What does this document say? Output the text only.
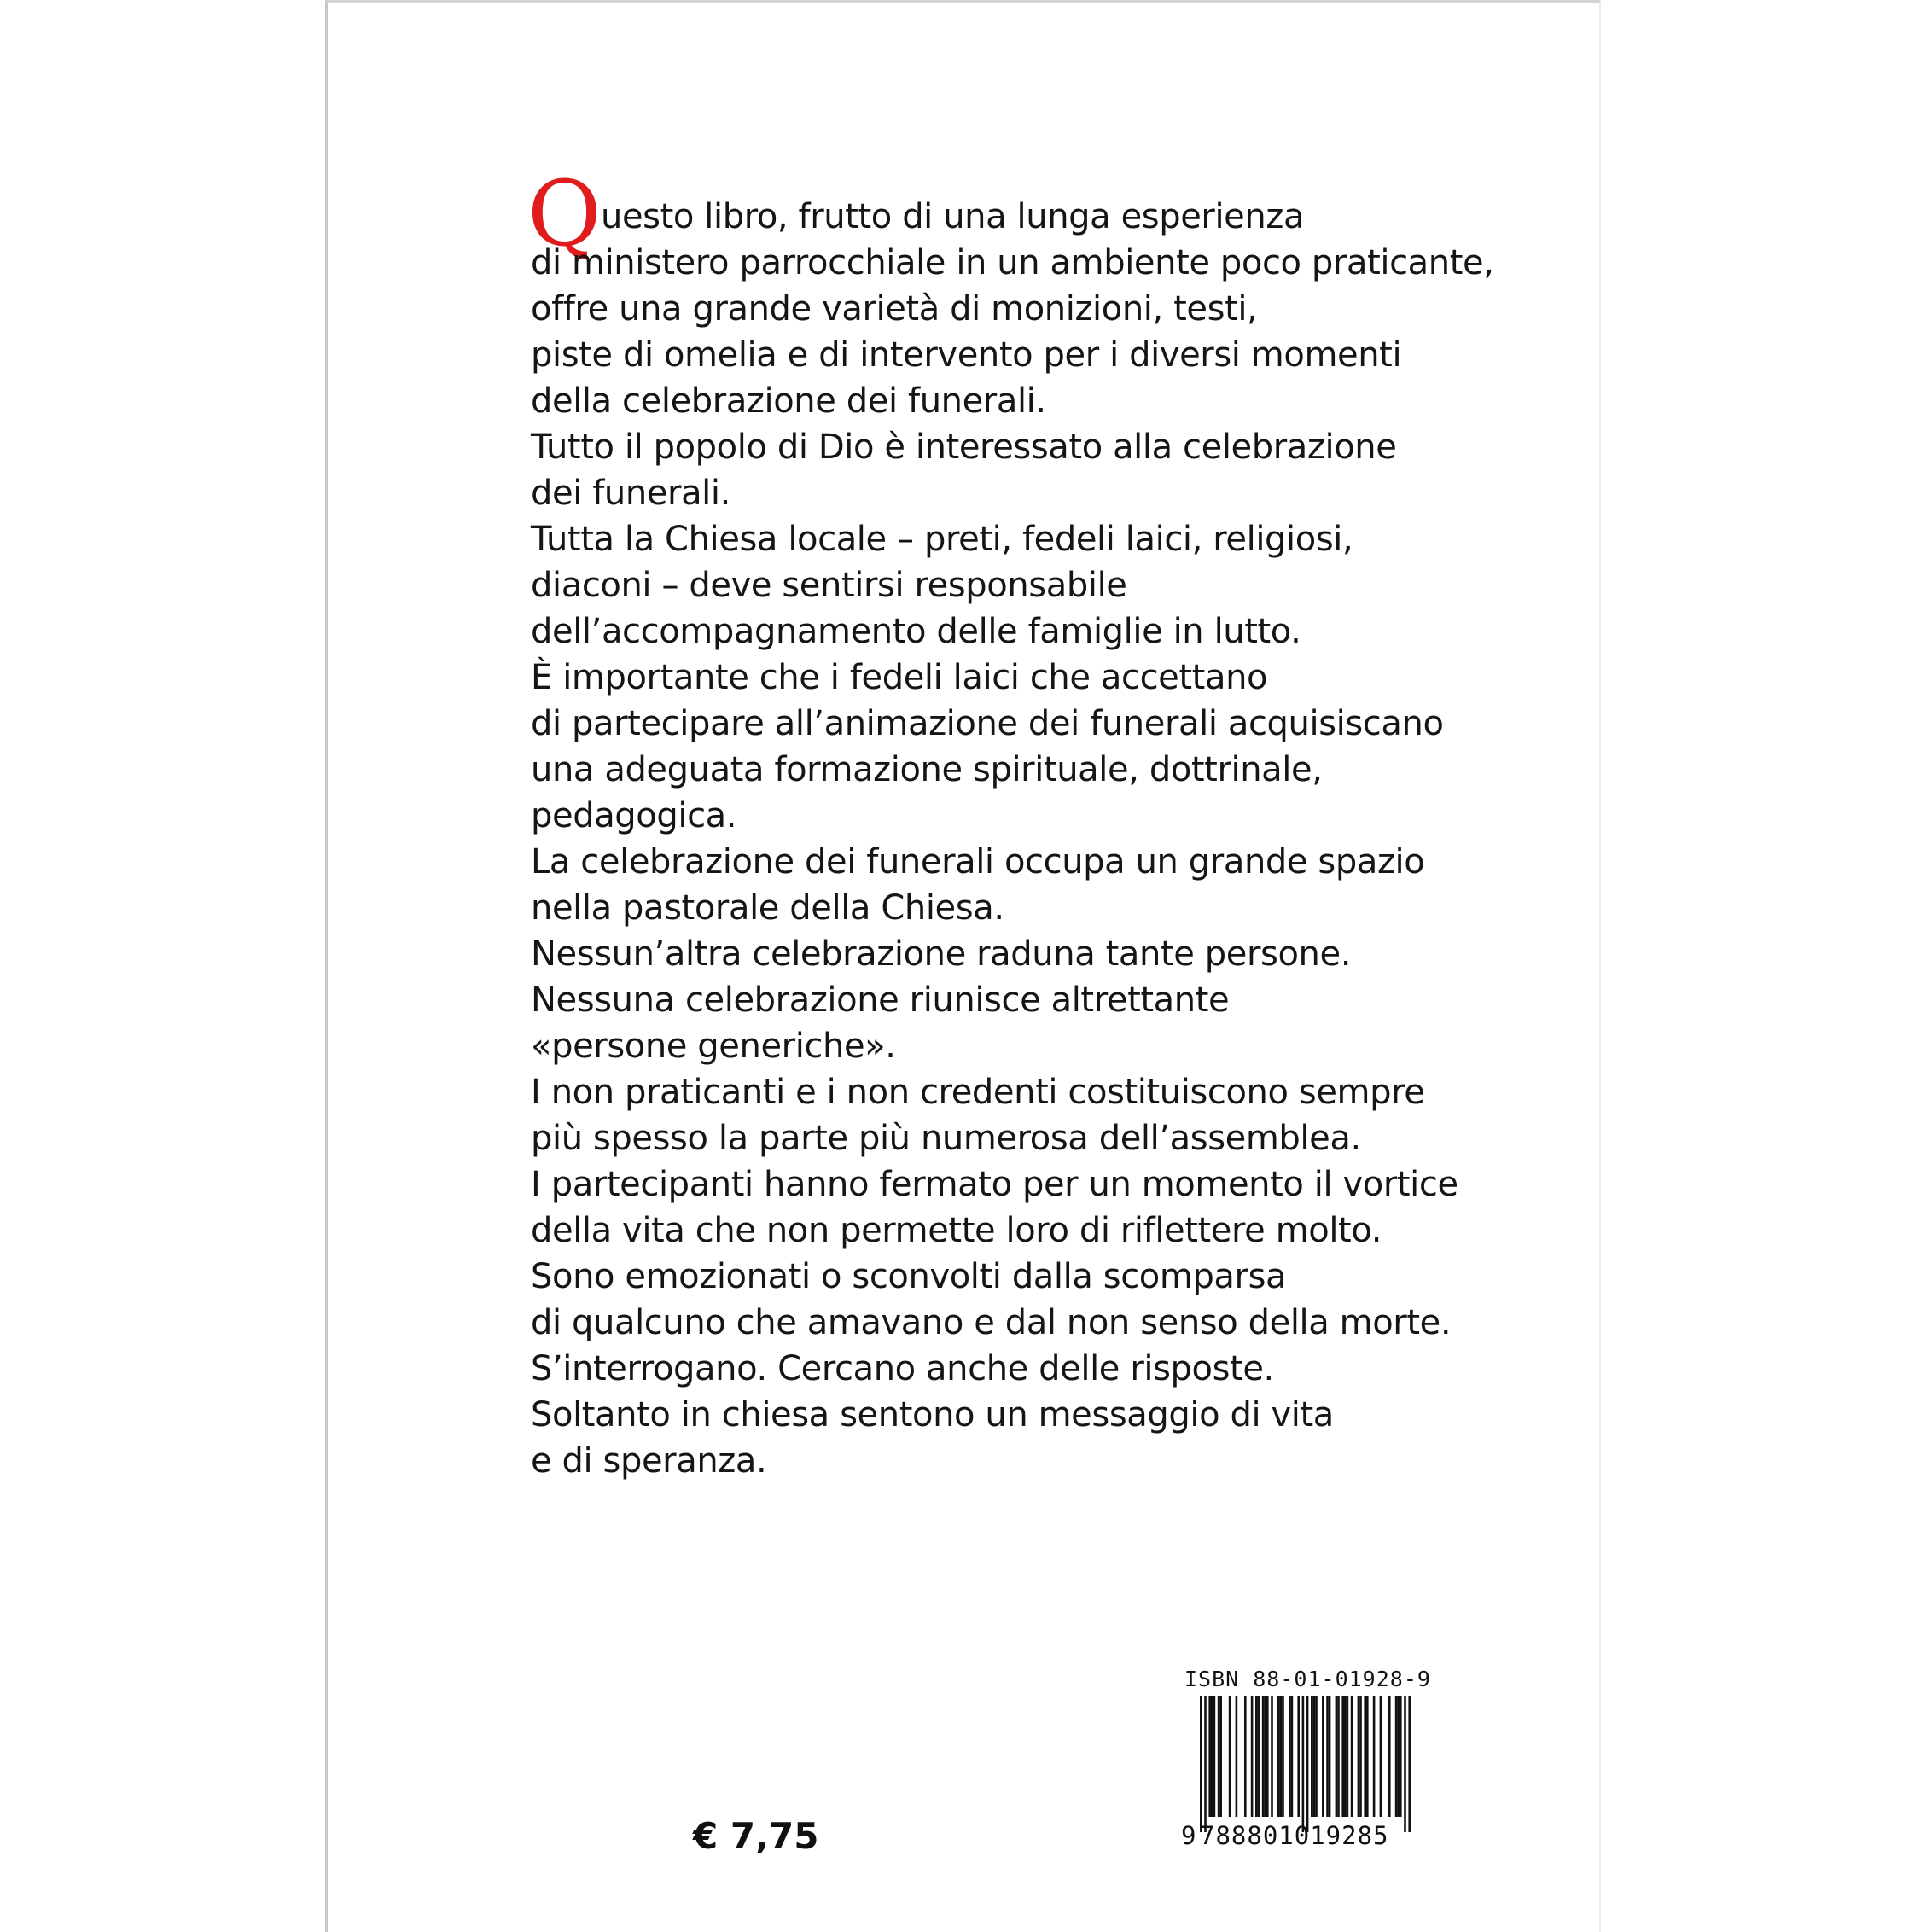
Q uesto libro, frutto di una lunga esperienza
di ministero parrocchiale in un ambiente poco praticante,
offre una grande varietà di monizioni, testi,
piste di omelia e di intervento per i diversi momenti
della celebrazione dei funerali.
Tutto il popolo di Dio è interessato alla celebrazione
dei funerali.
Tutta la Chiesa locale – preti, fedeli laici, religiosi,
diaconi – deve sentirsi responsabile
dell’accompagnamento delle famiglie in lutto.
È importante che i fedeli laici che accettano
di partecipare all’animazione dei funerali acquisiscano
una adeguata formazione spirituale, dottrinale,
pedagogica.
La celebrazione dei funerali occupa un grande spazio
nella pastorale della Chiesa.
Nessun’altra celebrazione raduna tante persone.
Nessuna celebrazione riunisce altrettante
«persone generiche».
I non praticanti e i non credenti costituiscono sempre
più spesso la parte più numerosa dell’assemblea.
I partecipanti hanno fermato per un momento il vortice
della vita che non permette loro di riflettere molto.
Sono emozionati o sconvolti dalla scomparsa
di qualcuno che amavano e dal non senso della morte.
S’interrogano. Cercano anche delle risposte.
Soltanto in chiesa sentono un messaggio di vita
e di speranza.
€ 7,75
ISBN 88-01-01928-9
9 788801019285
